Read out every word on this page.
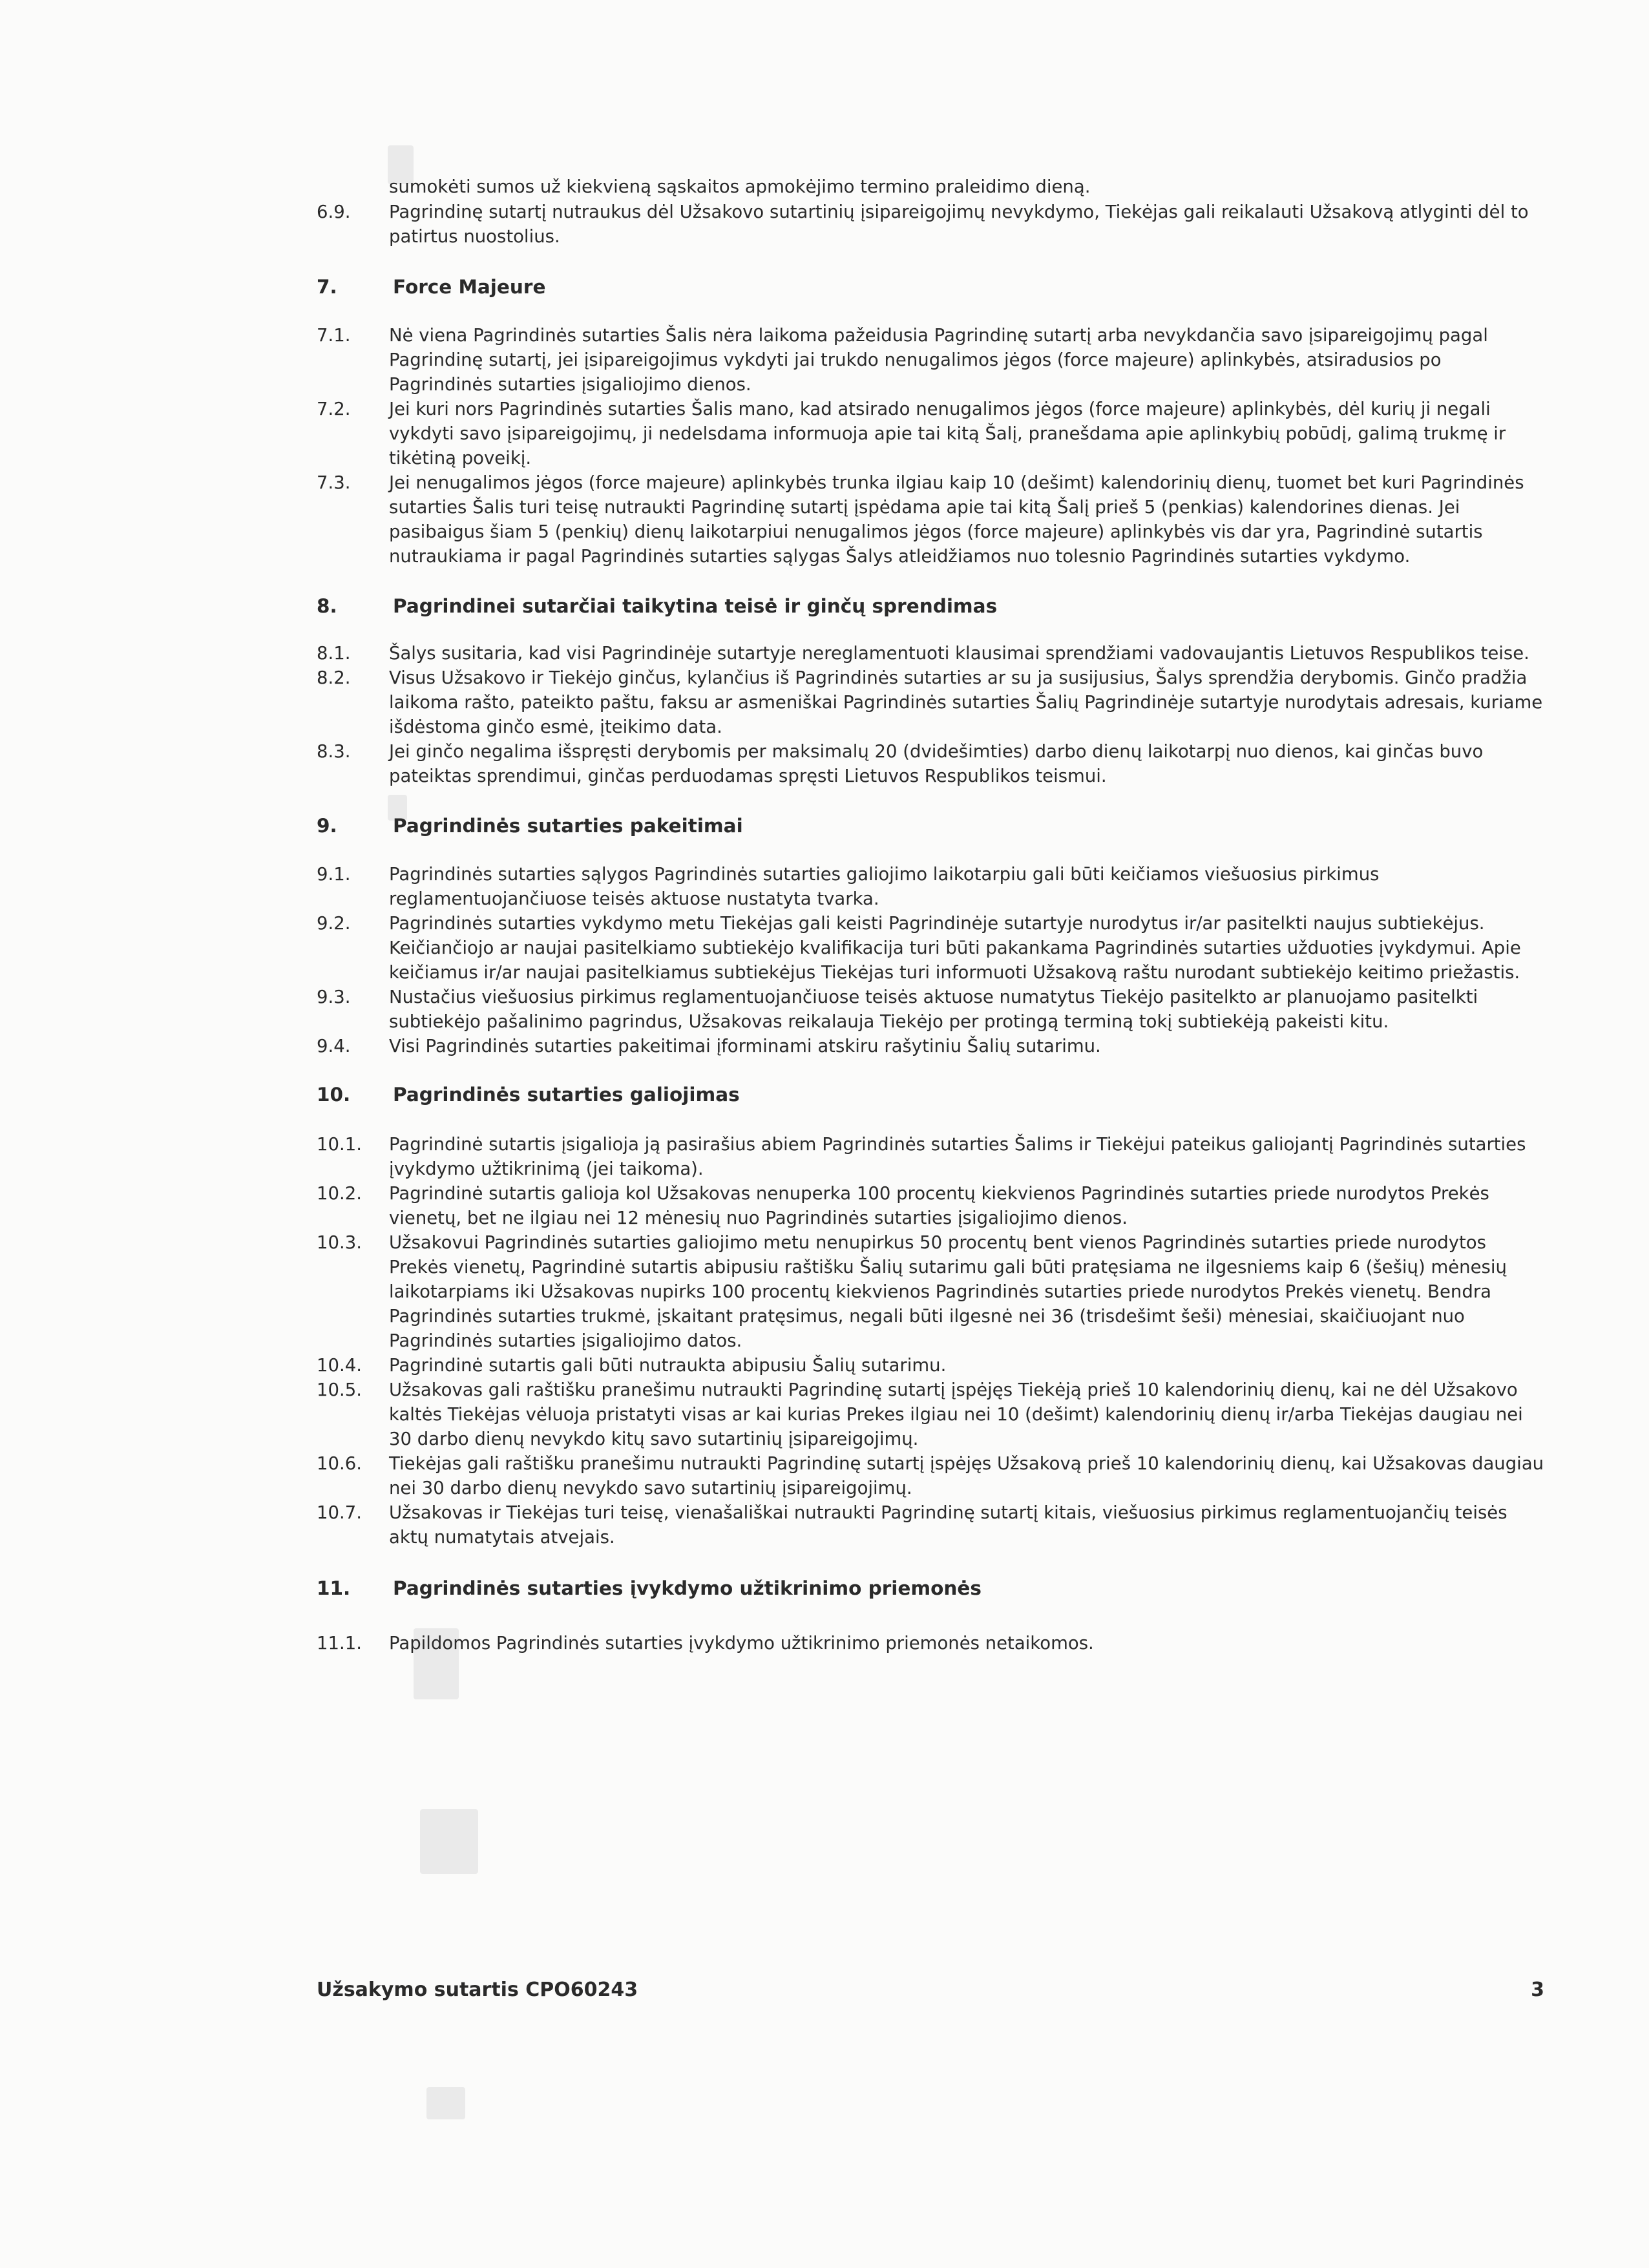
sumokėti sumos už kiekvieną sąskaitos apmokėjimo termino praleidimo dieną.
6.9.	Pagrindinę sutartį nutraukus dėl Užsakovo sutartinių įsipareigojimų nevykdymo, Tiekėjas gali reikalauti Užsakovą atlyginti dėl to patirtus nuostolius.
7.	Force Majeure
7.1.	Nė viena Pagrindinės sutarties Šalis nėra laikoma pažeidusia Pagrindinę sutartį arba nevykdančia savo įsipareigojimų pagal Pagrindinę sutartį, jei įsipareigojimus vykdyti jai trukdo nenugalimos jėgos (force majeure) aplinkybės, atsiradusios po Pagrindinės sutarties įsigaliojimo dienos.
7.2.	Jei kuri nors Pagrindinės sutarties Šalis mano, kad atsirado nenugalimos jėgos (force majeure) aplinkybės, dėl kurių ji negali vykdyti savo įsipareigojimų, ji nedelsdama informuoja apie tai kitą Šalį, pranešdama apie aplinkybių pobūdį, galimą trukmę ir tikėtiną poveikį.
7.3.	Jei nenugalimos jėgos (force majeure) aplinkybės trunka ilgiau kaip 10 (dešimt) kalendorinių dienų, tuomet bet kuri Pagrindinės sutarties Šalis turi teisę nutraukti Pagrindinę sutartį įspėdama apie tai kitą Šalį prieš 5 (penkias) kalendorines dienas. Jei pasibaigus šiam 5 (penkių) dienų laikotarpiui nenugalimos jėgos (force majeure) aplinkybės vis dar yra, Pagrindinė sutartis nutraukiama ir pagal Pagrindinės sutarties sąlygas Šalys atleidžiamos nuo tolesnio Pagrindinės sutarties vykdymo.
8.	Pagrindinei sutarčiai taikytina teisė ir ginčų sprendimas
8.1.	Šalys susitaria, kad visi Pagrindinėje sutartyje nereglamentuoti klausimai sprendžiami vadovaujantis Lietuvos Respublikos teise.
8.2.	Visus Užsakovo ir Tiekėjo ginčus, kylančius iš Pagrindinės sutarties ar su ja susijusius, Šalys sprendžia derybomis. Ginčo pradžia laikoma rašto, pateikto paštu, faksu ar asmeniškai Pagrindinės sutarties Šalių Pagrindinėje sutartyje nurodytais adresais, kuriame išdėstoma ginčo esmė, įteikimo data.
8.3.	Jei ginčo negalima išspręsti derybomis per maksimalų 20 (dvidešimties) darbo dienų laikotarpį nuo dienos, kai ginčas buvo pateiktas sprendimui, ginčas perduodamas spręsti Lietuvos Respublikos teismui.
9.	Pagrindinės sutarties pakeitimai
9.1.	Pagrindinės sutarties sąlygos Pagrindinės sutarties galiojimo laikotarpiu gali būti keičiamos viešuosius pirkimus reglamentuojančiuose teisės aktuose nustatyta tvarka.
9.2.	Pagrindinės sutarties vykdymo metu Tiekėjas gali keisti Pagrindinėje sutartyje nurodytus ir/ar pasitelkti naujus subtiekėjus. Keičiančiojo ar naujai pasitelkiamo subtiekėjo kvalifikacija turi būti pakankama Pagrindinės sutarties užduoties įvykdymui. Apie keičiamus ir/ar naujai pasitelkiamus subtiekėjus Tiekėjas turi informuoti Užsakovą raštu nurodant subtiekėjo keitimo priežastis.
9.3.	Nustačius viešuosius pirkimus reglamentuojančiuose teisės aktuose numatytus Tiekėjo pasitelkto ar planuojamo pasitelkti subtiekėjo pašalinimo pagrindus, Užsakovas reikalauja Tiekėjo per protingą terminą tokį subtiekėją pakeisti kitu.
9.4.	Visi Pagrindinės sutarties pakeitimai įforminami atskiru rašytiniu Šalių sutarimu.
10.	Pagrindinės sutarties galiojimas
10.1.	Pagrindinė sutartis įsigalioja ją pasirašius abiem Pagrindinės sutarties Šalims ir Tiekėjui pateikus galiojantį Pagrindinės sutarties įvykdymo užtikrinimą (jei taikoma).
10.2.	Pagrindinė sutartis galioja kol Užsakovas nenuperka 100 procentų kiekvienos Pagrindinės sutarties priede nurodytos Prekės vienetų, bet ne ilgiau nei 12 mėnesių nuo Pagrindinės sutarties įsigaliojimo dienos.
10.3.	Užsakovui Pagrindinės sutarties galiojimo metu nenupirkus 50 procentų bent vienos Pagrindinės sutarties priede nurodytos Prekės vienetų, Pagrindinė sutartis abipusiu raštišku Šalių sutarimu gali būti pratęsiama ne ilgesniems kaip 6 (šešių) mėnesių laikotarpiams iki Užsakovas nupirks 100 procentų kiekvienos Pagrindinės sutarties priede nurodytos Prekės vienetų. Bendra Pagrindinės sutarties trukmė, įskaitant pratęsimus, negali būti ilgesnė nei 36 (trisdešimt šeši) mėnesiai, skaičiuojant nuo Pagrindinės sutarties įsigaliojimo datos.
10.4.	Pagrindinė sutartis gali būti nutraukta abipusiu Šalių sutarimu.
10.5.	Užsakovas gali raštišku pranešimu nutraukti Pagrindinę sutartį įspėjęs Tiekėją prieš 10 kalendorinių dienų, kai ne dėl Užsakovo kaltės Tiekėjas vėluoja pristatyti visas ar kai kurias Prekes ilgiau nei 10 (dešimt) kalendorinių dienų ir/arba Tiekėjas daugiau nei 30 darbo dienų nevykdo kitų savo sutartinių įsipareigojimų.
10.6.	Tiekėjas gali raštišku pranešimu nutraukti Pagrindinę sutartį įspėjęs Užsakovą prieš 10 kalendorinių dienų, kai Užsakovas daugiau nei 30 darbo dienų nevykdo savo sutartinių įsipareigojimų.
10.7.	Užsakovas ir Tiekėjas turi teisę, vienašališkai nutraukti Pagrindinę sutartį kitais, viešuosius pirkimus reglamentuojančių teisės aktų numatytais atvejais.
11.	Pagrindinės sutarties įvykdymo užtikrinimo priemonės
11.1.	Papildomos Pagrindinės sutarties įvykdymo užtikrinimo priemonės netaikomos.
Užsakymo sutartis CPO60243	3
